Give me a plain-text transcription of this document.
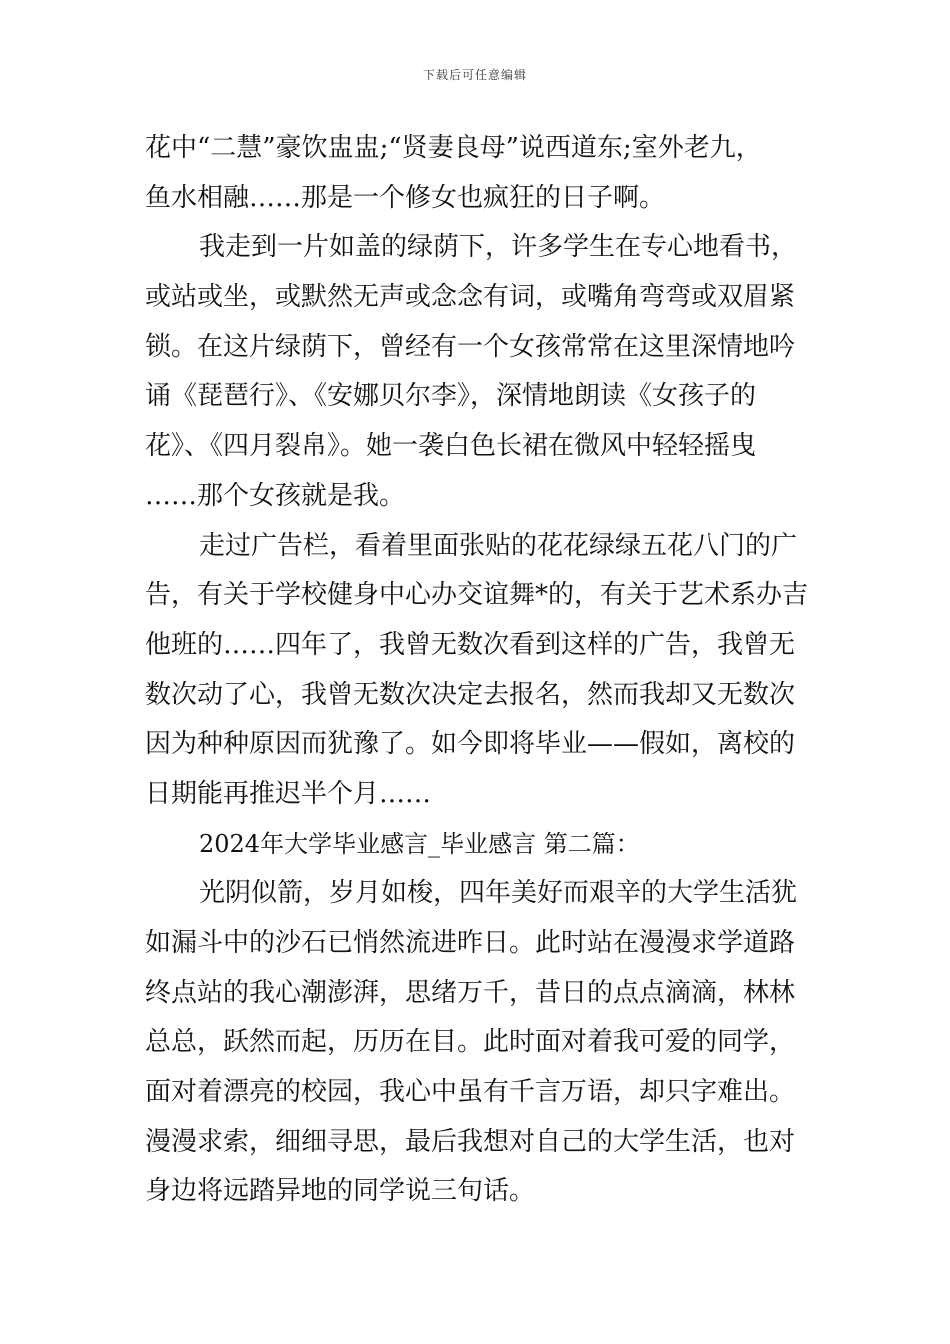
下载后可任意编辑
花中“二慧”豪饮盅盅;“贤妻良母”说西道东;室外老九，
鱼水相融……那是一个修女也疯狂的日子啊。
我走到一片如盖的绿荫下，许多学生在专心地看书，
或站或坐，或默然无声或念念有词，或嘴角弯弯或双眉紧
锁。在这片绿荫下，曾经有一个女孩常常在这里深情地吟
诵《琵琶行》、《安娜贝尔李》，深情地朗读《女孩子的
花》、《四月裂帛》。她一袭白色长裙在微风中轻轻摇曳
……那个女孩就是我。
走过广告栏，看着里面张贴的花花绿绿五花八门的广
告，有关于学校健身中心办交谊舞*的，有关于艺术系办吉
他班的……四年了，我曾无数次看到这样的广告，我曾无
数次动了心，我曾无数次决定去报名，然而我却又无数次
因为种种原因而犹豫了。如今即将毕业——假如，离校的
日期能再推迟半个月……
2024年大学毕业感言_毕业感言 第二篇：
光阴似箭，岁月如梭，四年美好而艰辛的大学生活犹
如漏斗中的沙石已悄然流进昨日。此时站在漫漫求学道路
终点站的我心潮澎湃，思绪万千，昔日的点点滴滴，林林
总总，跃然而起，历历在目。此时面对着我可爱的同学，
面对着漂亮的校园，我心中虽有千言万语，却只字难出。
漫漫求索，细细寻思，最后我想对自己的大学生活，也对
身边将远踏异地的同学说三句话。
